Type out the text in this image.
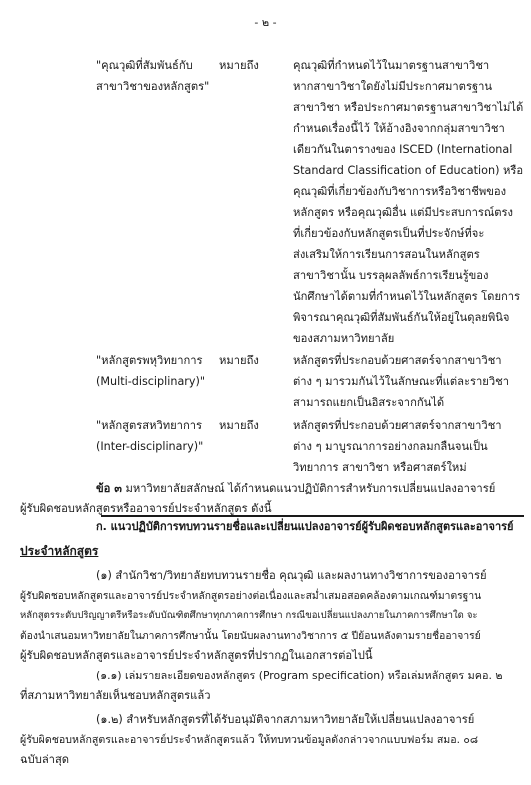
- ๒ -
"คุณวุฒิที่สัมพันธ์กับ
สาขาวิชาของหลักสูตร"
หมายถึง	คุณวุฒิที่กำหนดไว้ในมาตรฐานสาขาวิชา
หากสาขาวิชาใดยังไม่มีประกาศมาตรฐาน
สาขาวิชา หรือประกาศมาตรฐานสาขาวิชาไม่ได้
กำหนดเรื่องนี้ไว้ ให้อ้างอิงจากกลุ่มสาขาวิชา
เดียวกันในตารางของ ISCED (International
Standard Classification of Education) หรือ
คุณวุฒิที่เกี่ยวข้องกับวิชาการหรือวิชาชีพของ
หลักสูตร หรือคุณวุฒิอื่น แต่มีประสบการณ์ตรง
ที่เกี่ยวข้องกับหลักสูตรเป็นที่ประจักษ์ที่จะ
ส่งเสริมให้การเรียนการสอนในหลักสูตร
สาขาวิชานั้น บรรลุผลลัพธ์การเรียนรู้ของ
นักศึกษาได้ตามที่กำหนดไว้ในหลักสูตร โดยการ
พิจารณาคุณวุฒิที่สัมพันธ์กันให้อยู่ในดุลยพินิจ
ของสภามหาวิทยาลัย
"หลักสูตรพหุวิทยาการ
(Multi-disciplinary)"
หมายถึง	หลักสูตรที่ประกอบด้วยศาสตร์จากสาขาวิชา
ต่าง ๆ มารวมกันไว้ในลักษณะที่แต่ละรายวิชา
สามารถแยกเป็นอิสระจากกันได้
"หลักสูตรสหวิทยาการ
(Inter-disciplinary)"
หมายถึง	หลักสูตรที่ประกอบด้วยศาสตร์จากสาขาวิชา
ต่าง ๆ มาบูรณาการอย่างกลมกลืนจนเป็น
วิทยาการ สาขาวิชา หรือศาสตร์ใหม่
ข้อ ๓ มหาวิทยาลัยสลักษณ์ ได้กำหนดแนวปฏิบัติการสำหรับการเปลี่ยนแปลงอาจารย์
ผู้รับผิดชอบหลักสูตรหรืออาจารย์ประจำหลักสูตร ดังนี้
ก. แนวปฏิบัติการทบทวนรายชื่อและเปลี่ยนแปลงอาจารย์ผู้รับผิดชอบหลักสูตรและอาจารย์
ประจำหลักสูตร
(๑) สำนักวิชา/วิทยาลัยทบทวนรายชื่อ คุณวุฒิ และผลงานทางวิชาการของอาจารย์
ผู้รับผิดชอบหลักสูตรและอาจารย์ประจำหลักสูตรอย่างต่อเนื่องและสม่ำเสมอสอดคล้องตามเกณฑ์มาตรฐาน
หลักสูตรระดับปริญญาตรีหรือระดับบัณฑิตศึกษาทุกภาคการศึกษา กรณีขอเปลี่ยนแปลงภายในภาคการศึกษาใด จะ
ต้องนำเสนอมหาวิทยาลัยในภาคการศึกษานั้น โดยนับผลงานทางวิชาการ ๕ ปีย้อนหลังตามรายชื่ออาจารย์
ผู้รับผิดชอบหลักสูตรและอาจารย์ประจำหลักสูตรที่ปรากฏในเอกสารต่อไปนี้
(๑.๑) เล่มรายละเอียดของหลักสูตร (Program specification) หรือเล่มหลักสูตร มคอ. ๒
ที่สภามหาวิทยาลัยเห็นชอบหลักสูตรแล้ว
(๑.๒) สำหรับหลักสูตรที่ได้รับอนุมัติจากสภามหาวิทยาลัยให้เปลี่ยนแปลงอาจารย์
ผู้รับผิดชอบหลักสูตรและอาจารย์ประจำหลักสูตรแล้ว ให้ทบทวนข้อมูลดังกล่าวจากแบบฟอร์ม สมอ. ๐๘
ฉบับล่าสุด
